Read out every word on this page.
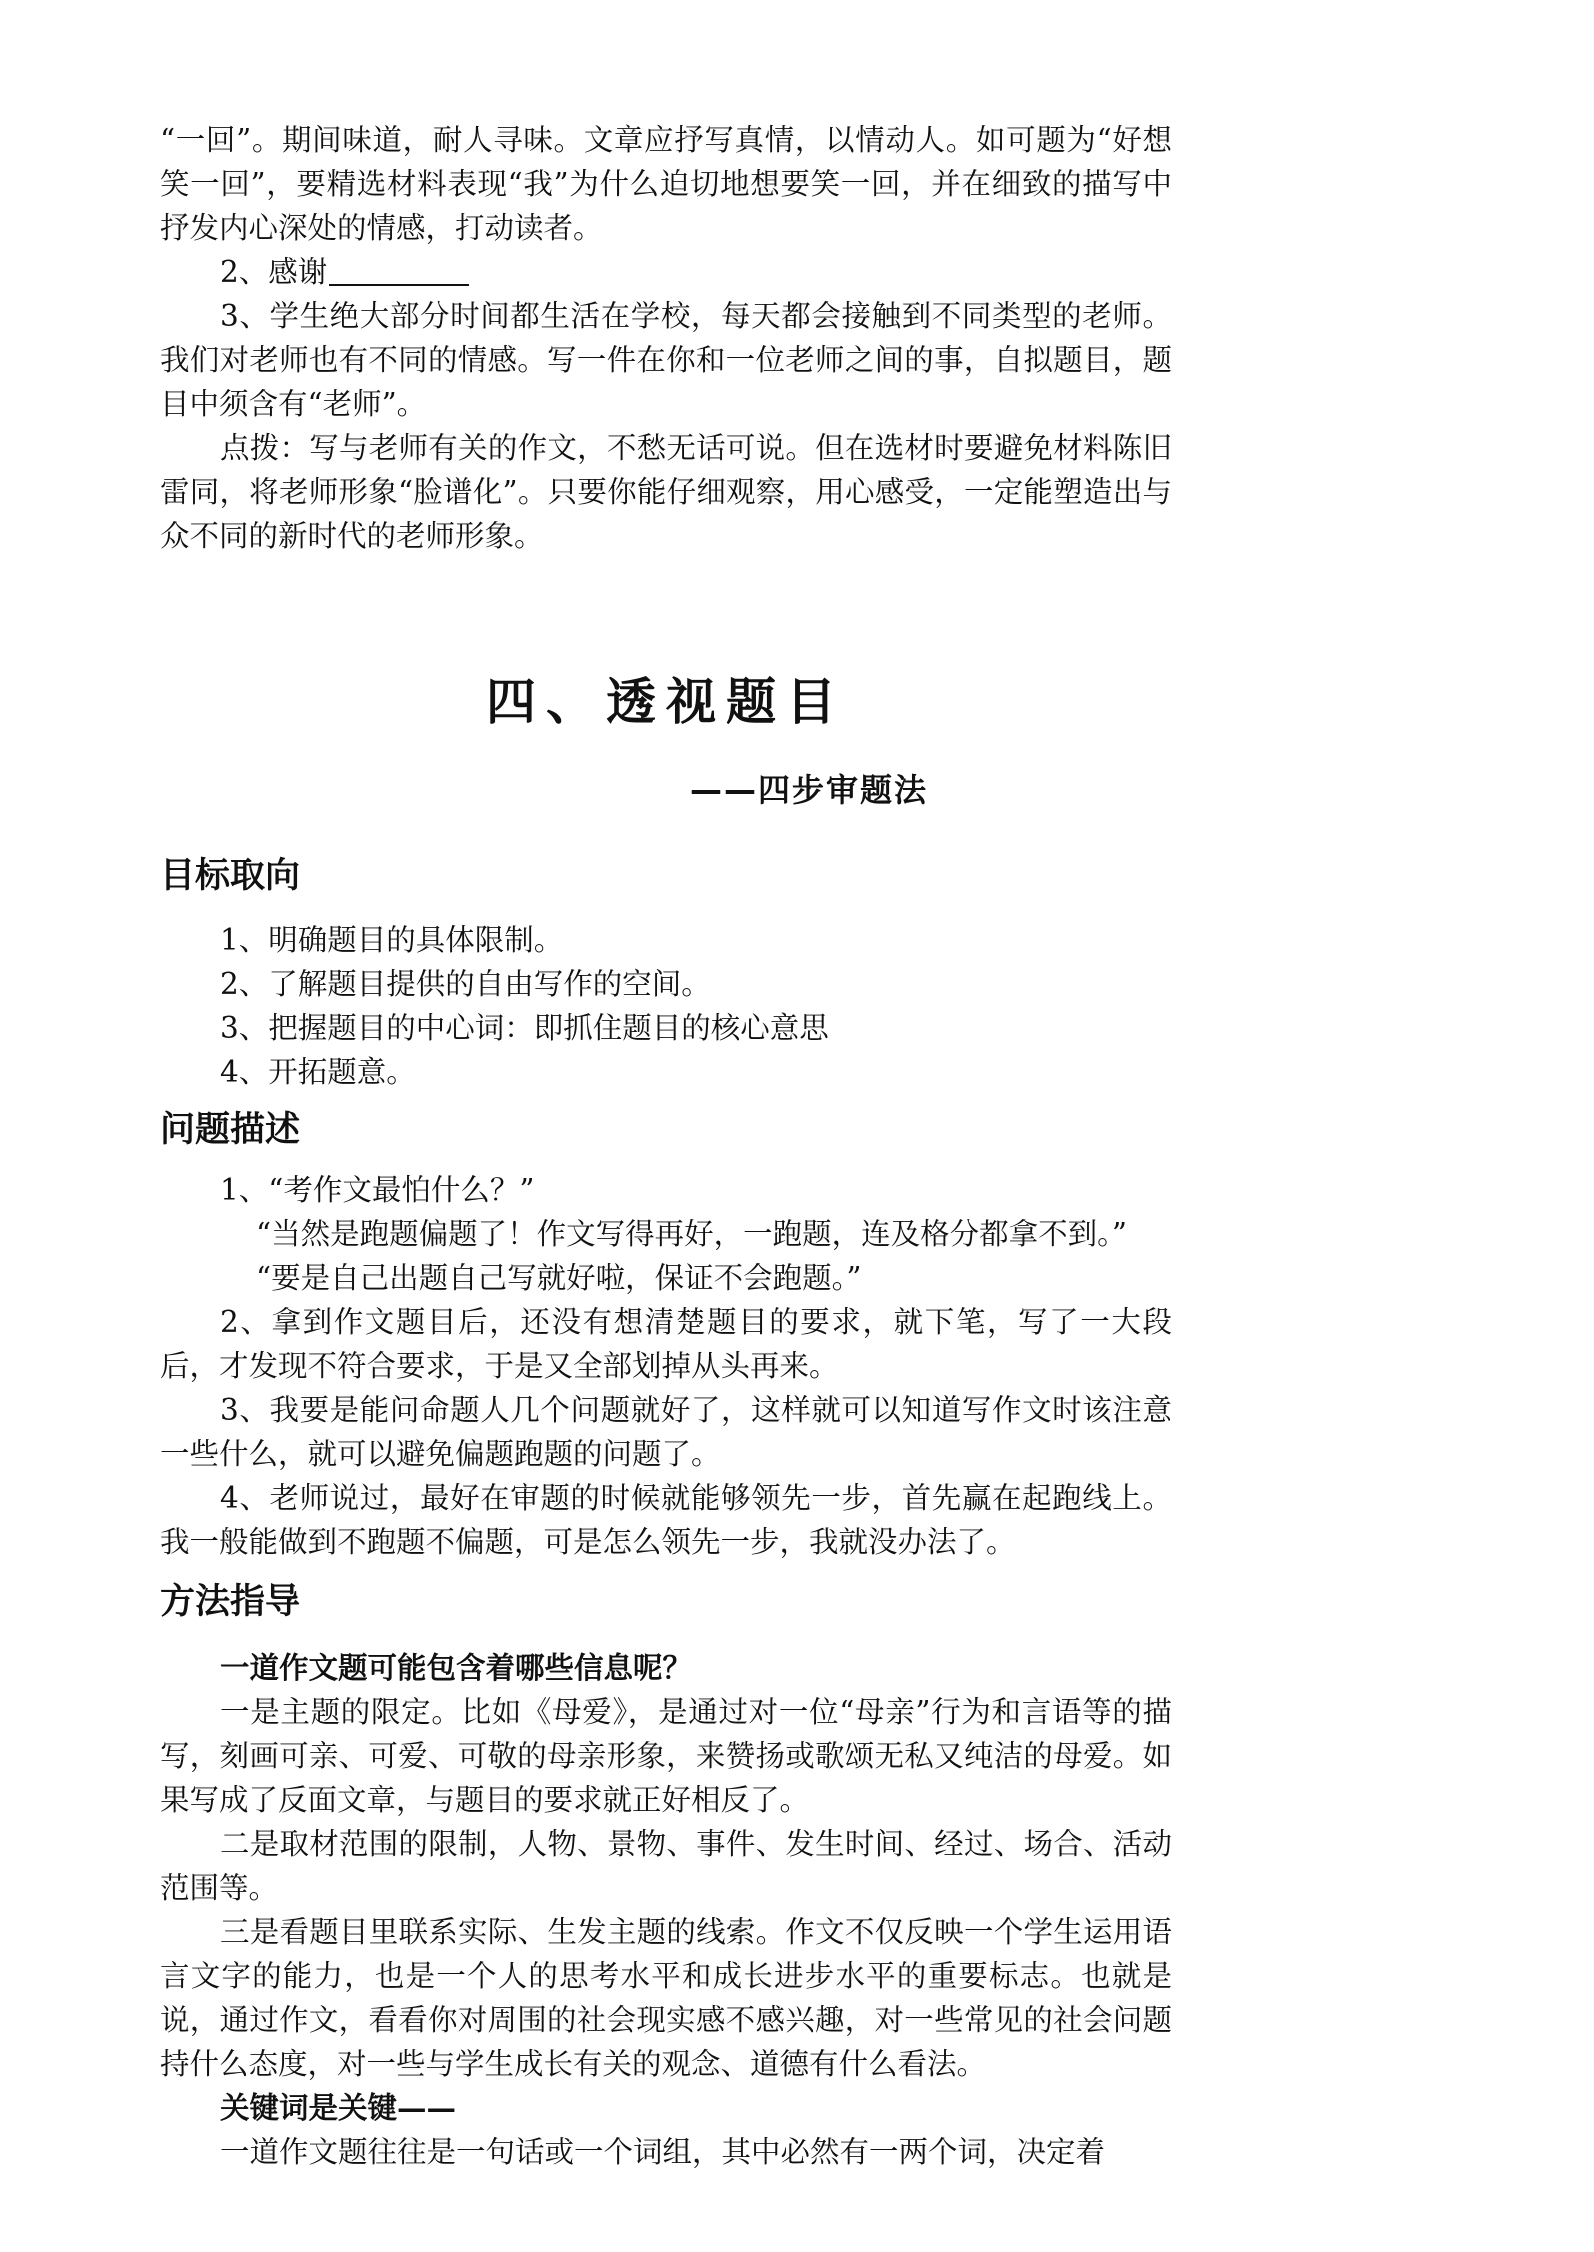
“一回”。期间味道，耐人寻味。文章应抒写真情，以情动人。如可题为“好想笑一回”，要精选材料表现“我”为什么迫切地想要笑一回，并在细致的描写中抒发内心深处的情感，打动读者。

2、感谢

3、学生绝大部分时间都生活在学校，每天都会接触到不同类型的老师。我们对老师也有不同的情感。写一件在你和一位老师之间的事，自拟题目，题目中须含有“老师”。

点拨：写与老师有关的作文，不愁无话可说。但在选材时要避免材料陈旧雷同，将老师形象“脸谱化”。只要你能仔细观察，用心感受，一定能塑造出与众不同的新时代的老师形象。

四、透视题目
——四步审题法
目标取向

1、明确题目的具体限制。

2、了解题目提供的自由写作的空间。

3、把握题目的中心词：即抓住题目的核心意思

4、开拓题意。

问题描述

1、“考作文最怕什么？”

“当然是跑题偏题了！作文写得再好，一跑题，连及格分都拿不到。”

“要是自己出题自己写就好啦，保证不会跑题。”

2、拿到作文题目后，还没有想清楚题目的要求，就下笔，写了一大段后，才发现不符合要求，于是又全部划掉从头再来。

3、我要是能问命题人几个问题就好了，这样就可以知道写作文时该注意一些什么，就可以避免偏题跑题的问题了。

4、老师说过，最好在审题的时候就能够领先一步，首先赢在起跑线上。我一般能做到不跑题不偏题，可是怎么领先一步，我就没办法了。

方法指导

一道作文题可能包含着哪些信息呢？

一是主题的限定。比如《母爱》，是通过对一位“母亲”行为和言语等的描写，刻画可亲、可爱、可敬的母亲形象，来赞扬或歌颂无私又纯洁的母爱。如果写成了反面文章，与题目的要求就正好相反了。

二是取材范围的限制，人物、景物、事件、发生时间、经过、场合、活动范围等。

三是看题目里联系实际、生发主题的线索。作文不仅反映一个学生运用语言文字的能力，也是一个人的思考水平和成长进步水平的重要标志。也就是说，通过作文，看看你对周围的社会现实感不感兴趣，对一些常见的社会问题持什么态度，对一些与学生成长有关的观念、道德有什么看法。

关键词是关键——

一道作文题往往是一句话或一个词组，其中必然有一两个词，决定着
